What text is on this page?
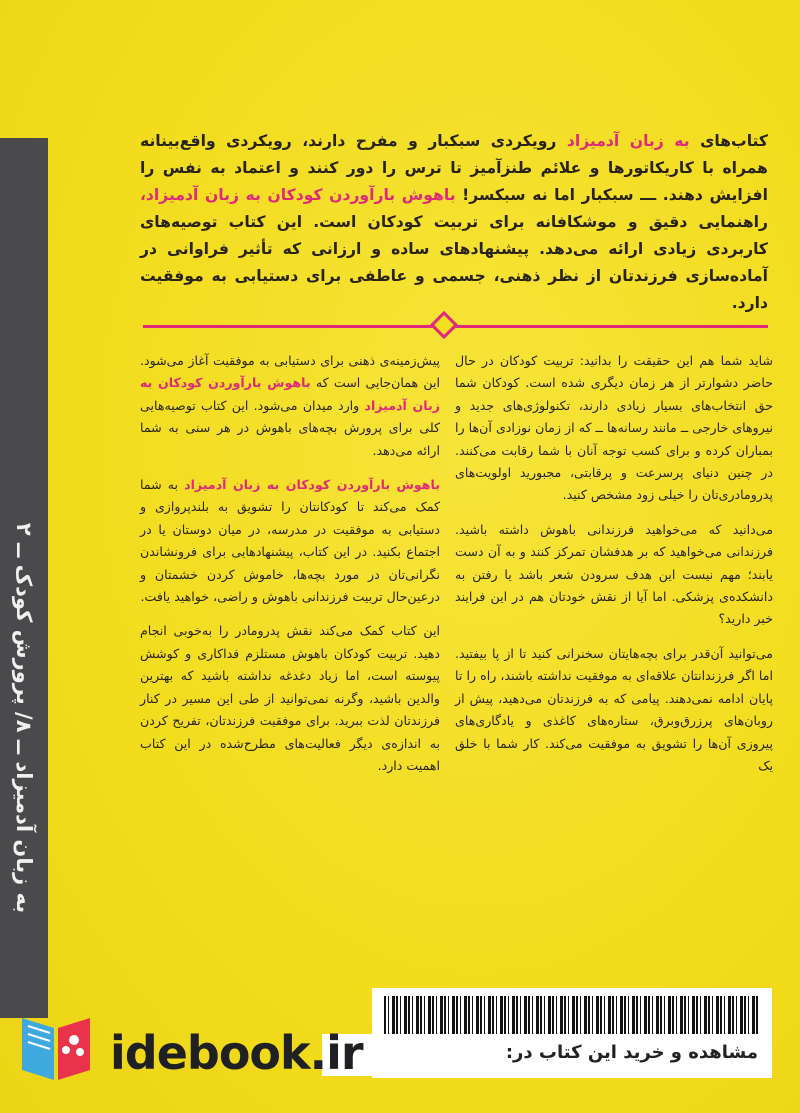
به زبان آدمیزاد ــ ۸/ پرورش کودک ــ ۲
کتاب‌های به زبان آدمیزاد رویکردی سبکبار و مفرح دارند، رویکردی واقع‌بینانه همراه با کاریکاتورها و علائم طنزآمیز تا ترس را دور کنند و اعتماد به نفس را افزایش دهند. ـــ سبکبار اما نه سبکسر! باهوش بارآوردن کودکان به زبان آدمیزاد، راهنمایی دقیق و موشکافانه برای تربیت کودکان است. این کتاب توصیه‌های کاربردی زیادی ارائه می‌دهد. پیشنهادهای ساده و ارزانی که تأثیر فراوانی در آماده‌سازی فرزندتان از نظر ذهنی، جسمی و عاطفی برای دستیابی به موفقیت دارد.

شاید شما هم این حقیقت را بدانید: تربیت کودکان در حال حاضر دشوارتر از هر زمان دیگری شده است. کودکان شما حق انتخاب‌های بسیار زیادی دارند، تکنولوژی‌های جدید و نیروهای خارجی ــ مانند رسانه‌ها ــ که از زمان نوزادی آن‌ها را بمباران کرده و برای کسب توجه آنان با شما رقابت می‌کنند. در چنین دنیای پرسرعت و پرقابتی، مجبورید اولویت‌های پدرومادری‌تان را خیلی زود مشخص کنید.

می‌دانید که می‌خواهید فرزندانی باهوش داشته باشید. فرزندانی می‌خواهید که بر هدفشان تمرکز کنند و به آن دست یابند؛ مهم نیست این هدف سرودن شعر باشد یا رفتن به دانشکده‌ی پزشکی. اما آیا از نقش خودتان هم در این فرایند خبر دارید؟

می‌توانید آن‌قدر برای بچه‌هایتان سخنرانی کنید تا از پا بیفتید. اما اگر فرزندانتان علاقه‌ای به موفقیت نداشته باشند، راه را تا پایان ادامه نمی‌دهند. پیامی که به فرزندتان می‌دهید، پیش از روبان‌های پرزرق‌وبرق، ستاره‌های کاغذی و یادگاری‌های پیروزی آن‌ها را تشویق به موفقیت می‌کند. کار شما با خلق یک

پیش‌زمینه‌ی ذهنی برای دستیابی به موفقیت آغاز می‌شود. این همان‌جایی است که باهوش بارآوردن کودکان به زبان آدمیزاد وارد میدان می‌شود. این کتاب توصیه‌هایی کلی برای پرورش بچه‌های باهوش در هر سنی به شما ارائه می‌دهد.

باهوش بارآوردن کودکان به زبان آدمیزاد به شما کمک می‌کند تا کودکانتان را تشویق به بلندپروازی و دستیابی به موفقیت در مدرسه، در میان دوستان یا در اجتماع بکنید. در این کتاب، پیشنهادهایی برای فرونشاندن نگرانی‌تان در مورد بچه‌ها، خاموش کردن خشمتان و درعین‌حال تربیت فرزندانی باهوش و راضی، خواهید یافت.

این کتاب کمک می‌کند نقش پدرومادر را به‌خوبی انجام دهید. تربیت کودکان باهوش مستلزم فداکاری و کوشش پیوسته است، اما زیاد دغدغه نداشته باشید که بهترین والدین باشید، وگرنه نمی‌توانید از طی این مسیر در کنار فرزندتان لذت ببرید. برای موفقیت فرزندتان، تفریح کردن به اندازه‌ی دیگر فعالیت‌های مطرح‌شده در این کتاب اهمیت دارد.

مشاهده و خرید این کتاب در:
idebook.ir
